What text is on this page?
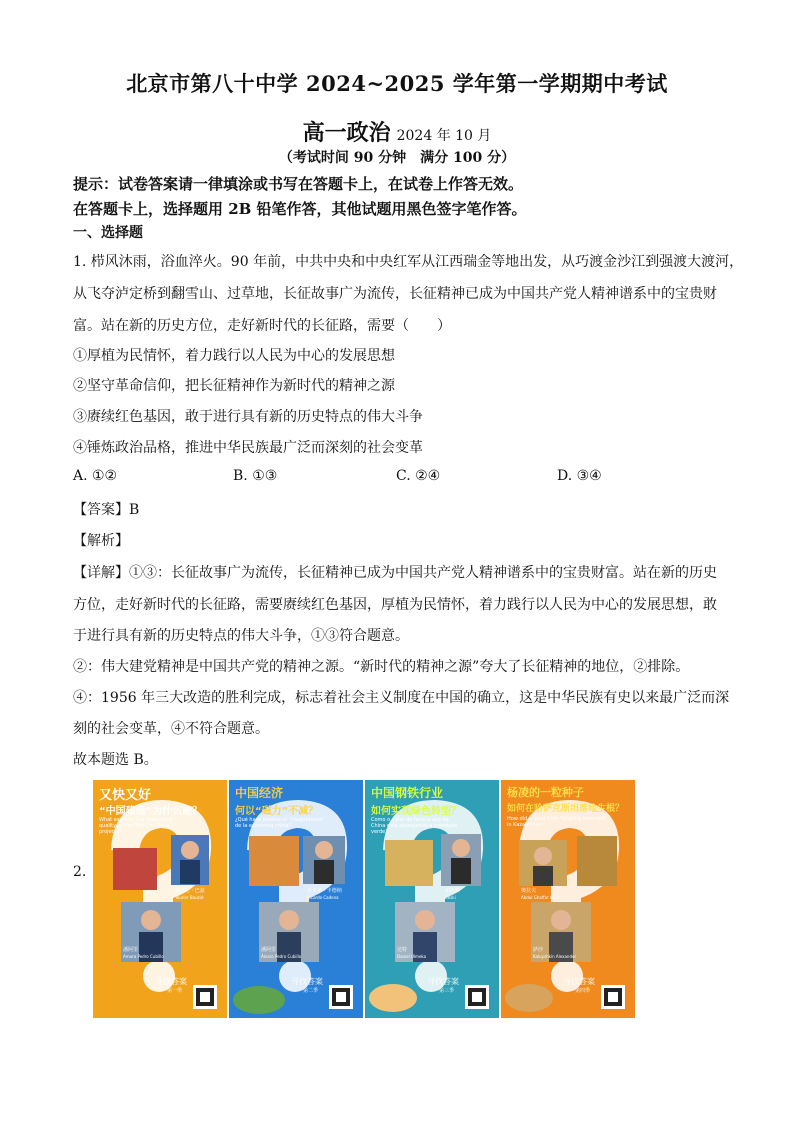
北京市第八十中学 2024~2025 学年第一学期期中考试
高一政治 2024 年 10 月
（考试时间 90 分钟　满分 100 分）
提示：试卷答案请一律填涂或书写在答题卡上，在试卷上作答无效。
在答题卡上，选择题用 2B 铅笔作答，其他试题用黑色签字笔作答。
一、选择题
1. 栉风沐雨，浴血淬火。90 年前，中共中央和中央红军从江西瑞金等地出发，从巧渡金沙江到强渡大渡河，
从飞夺泸定桥到翻雪山、过草地，长征故事广为流传，长征精神已成为中国共产党人精神谱系中的宝贵财
富。站在新的历史方位，走好新时代的长征路，需要（　　）
①厚植为民情怀，着力践行以人民为中心的发展思想
②坚守革命信仰，把长征精神作为新时代的精神之源
③赓续红色基因，敢于进行具有新的历史特点的伟大斗争
④锤炼政治品格，推进中华民族最广泛而深刻的社会变革
A. ①②	B. ①③	C. ②④	D. ③④
【答案】B
【解析】
【详解】①③：长征故事广为流传，长征精神已成为中国共产党人精神谱系中的宝贵财富。站在新的历史
方位，走好新时代的长征路，需要赓续红色基因，厚植为民情怀，着力践行以人民为中心的发展思想，敢
于进行具有新的历史特点的伟大斗争，①③符合题意。
②：伟大建党精神是中国共产党的精神之源。“新时代的精神之源”夸大了长征精神的地位，②排除。
④：1956 年三大改造的胜利完成，标志着社会主义制度在中国的确立，这是中华民族有史以来最广泛而深
刻的社会变革，④不符合题意。
故本题选 B。
2.
又快又好
“中国建造”为什么能？
What explains the speed and quality of the “Built in China” projects?
穆辛尼 · 巴兹
Tourier Bouzid
潘阿里
Amara Pedro Cubillo
寻找答案
第一季
中国经济
何以“磁力”不减？
¿Qué hace posible el “magnetismo” de la economía china?
里卡多 · 卡德纳
Ricardo Cadena
潘阿里
Álvaro Pedro Cubillo
寻找答案
第二季
中国钢铁行业
如何实现绿色转型？
Como o setor de ferro e aço da China está alcançando a transição verde?
伯斯科
Boski
达特
Daniel Ulmeka
寻找答案
第三季
杨凌的一粒种子
如何在哈萨克斯坦落地生根？
How did a seed from Yangling take root in Kazakhstan?
奥拉夫
Abdul Ghaffar Onar
萨沙
Kaluyshkin Alexander
寻找答案
第四季
